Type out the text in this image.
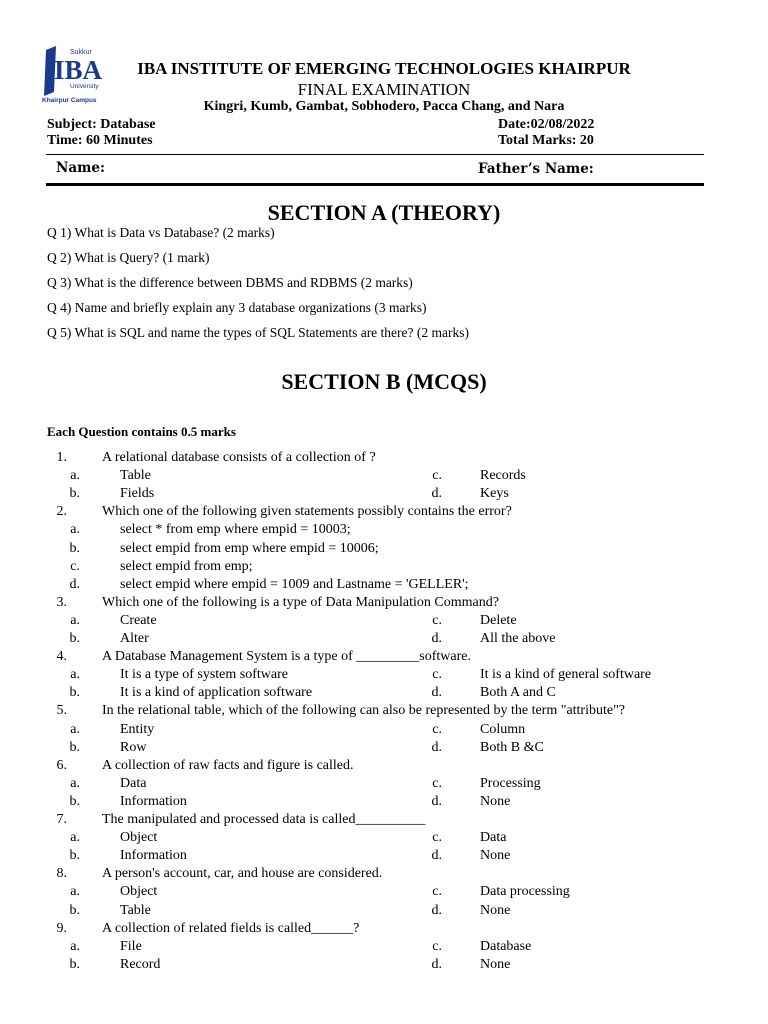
Sukkur
IBA
University
Khairpur Campus
IBA INSTITUTE OF EMERGING TECHNOLOGIES KHAIRPUR
FINAL EXAMINATION
Kingri, Kumb, Gambat, Sobhodero, Pacca Chang, and Nara
Subject: Database	Date:02/08/2022
Time: 60 Minutes	Total Marks: 20
Name:	Father’s Name:
SECTION A (THEORY)
Q 1) What is Data vs Database? (2 marks)
Q 2) What is Query? (1 mark)
Q 3) What is the difference between DBMS and RDBMS (2 marks)
Q 4) Name and briefly explain any 3 database organizations (3 marks)
Q 5) What is SQL and name the types of SQL Statements are there? (2 marks)
SECTION B (MCQS)
Each Question contains 0.5 marks
1.	A relational database consists of a collection of ?
a.	Table	c.	Records
b.	Fields	d.	Keys
2.	Which one of the following given statements possibly contains the error?
a.	select * from emp where empid = 10003;
b.	select empid from emp where empid = 10006;
c.	select empid from emp;
d.	select empid where empid = 1009 and Lastname = 'GELLER';
3.	Which one of the following is a type of Data Manipulation Command?
a.	Create	c.	Delete
b.	Alter	d.	All the above
4.	A Database Management System is a type of _________software.
a.	It is a type of system software	c.	It is a kind of general software
b.	It is a kind of application software	d.	Both A and C
5.	In the relational table, which of the following can also be represented by the term "attribute"?
a.	Entity	c.	Column
b.	Row	d.	Both B &C
6.	A collection of raw facts and figure is called.
a.	Data	c.	Processing
b.	Information	d.	None
7.	The manipulated and processed data is called__________
a.	Object	c.	Data
b.	Information	d.	None
8.	A person's account, car, and house are considered.
a.	Object	c.	Data processing
b.	Table	d.	None
9.	A collection of related fields is called______?
a.	File	c.	Database
b.	Record	d.	None
